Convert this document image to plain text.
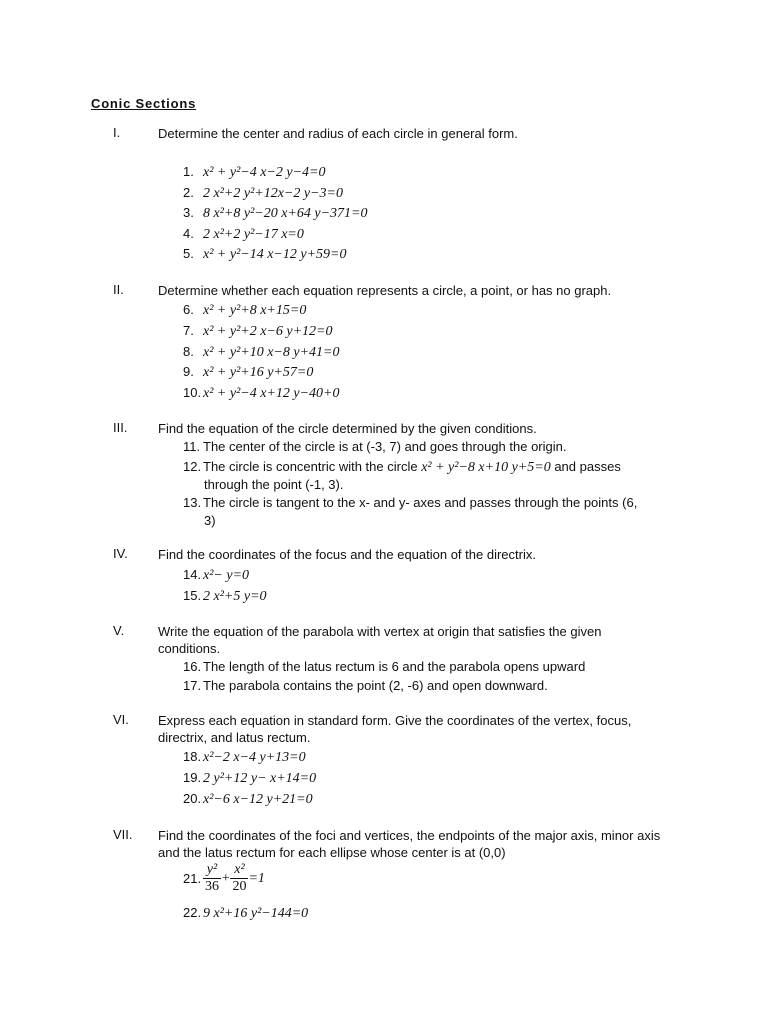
Conic Sections
I.	Determine the center and radius of each circle in general form.
1. x² + y²−4 x−2 y−4=0
2. 2 x²+2 y²+12x−2 y−3=0
3. 8 x²+8 y²−20 x+64 y−371=0
4. 2 x²+2 y²−17 x=0
5. x² + y²−14 x−12 y+59=0
II.	Determine whether each equation represents a circle, a point, or has no graph.
6. x² + y²+8 x+15=0
7. x² + y²+2 x−6 y+12=0
8. x² + y²+10 x−8 y+41=0
9. x² + y²+16 y+57=0
10. x² + y²−4 x+12 y−40+0
III. Find the equation of the circle determined by the given conditions.
11. The center of the circle is at (-3, 7) and goes through the origin.
12. The circle is concentric with the circle x² + y²−8 x+10 y+5=0 and passes
through the point (-1, 3).
13. The circle is tangent to the x- and y- axes and passes through the points (6,
3)
IV. Find the coordinates of the focus and the equation of the directrix.
14. x²− y=0
15. 2 x²+5 y=0
V.	Write the equation of the parabola with vertex at origin that satisfies the given conditions.
16. The length of the latus rectum is 6 and the parabola opens upward
17. The parabola contains the point (2, -6) and open downward.
VI. Express each equation in standard form. Give the coordinates of the vertex, focus, directrix, and latus rectum.
18. x²−2 x−4 y+13=0
19. 2 y²+12 y− x+14=0
20. x²−6 x−12 y+21=0
VII. Find the coordinates of the foci and vertices, the endpoints of the major axis, minor axis and the latus rectum for each ellipse whose center is at (0,0)
21. $\frac{\text{y²}}{36} + \frac{\text{x²}}{20} =1$
22. 9 x²+16 y²−144=0
